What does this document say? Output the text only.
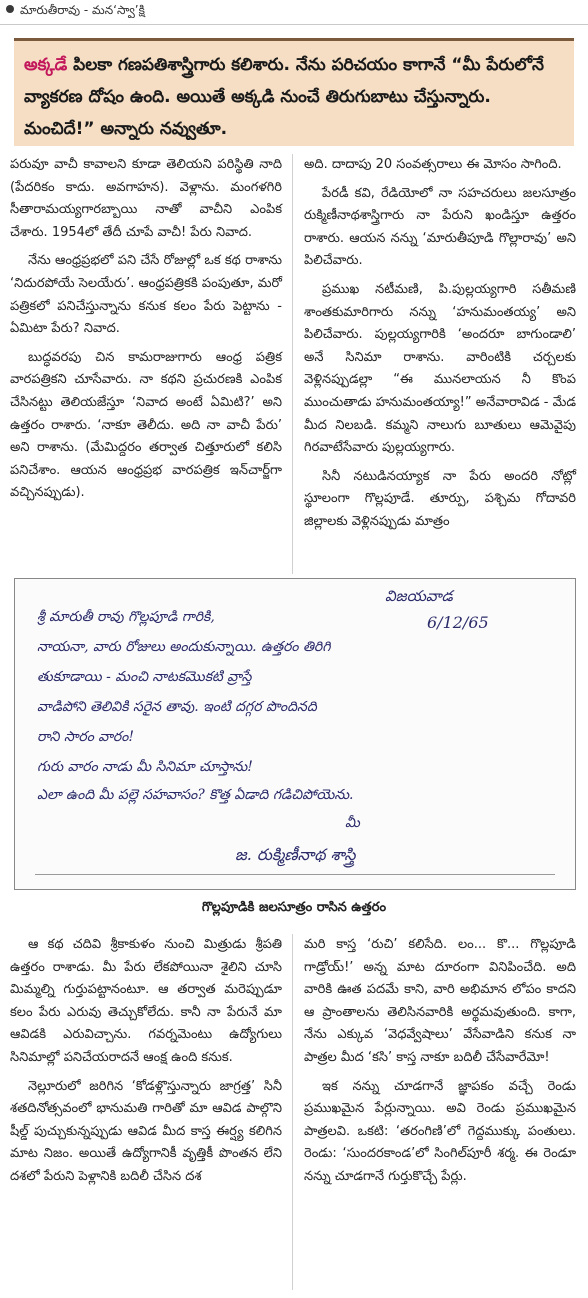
మారుతీరావు - మన‘స్వా’క్షి

అక్కడే పిలకా గణపతిశాస్త్రిగారు కలిశారు. నేను పరిచయం కాగానే “మీ పేరులోనే వ్యాకరణ దోషం ఉంది. అయితే అక్కడి నుంచే తిరుగుబాటు చేస్తున్నారు. మంచిదే!” అన్నారు నవ్వుతూ.

పరువూ వాచీ కావాలని కూడా తెలియని పరిస్థితి నాది (పేదరికం కాదు. అవగాహన). వెళ్లాను. మంగళగిరి సీతారామయ్యగారబ్బాయి నాతో వాచీని ఎంపిక చేశారు. 1954లో తేదీ చూపే వాచీ! పేరు నివాద.

నేను ఆంధ్రప్రభలో పని చేసే రోజుల్లో ఒక కథ రాశాను ‘నిదురపోయే సెలయేరు’. ఆంధ్రపత్రికకి పంపుతూ, మరో పత్రికలో పనిచేస్తున్నాను కనుక కలం పేరు పెట్టాను - ఏమిటా పేరు? నివాద.

బుద్ధవరపు చిన కామరాజుగారు ఆంధ్ర పత్రిక వారపత్రికని చూసేవారు. నా కథని ప్రచురణకి ఎంపిక చేసినట్టు తెలియజేస్తూ ‘నివాద అంటే ఏమిటి?’ అని ఉత్తరం రాశారు. ‘నాకూ తెలీదు. అది నా వాచీ పేరు’ అని రాశాను. (మేమిద్దరం తర్వాత చిత్తూరులో కలిసి పనిచేశాం. ఆయన ఆంధ్రప్రభ వారపత్రిక ఇన్‌చార్జ్‌గా వచ్చినప్పుడు).

అది. దాదాపు 20 సంవత్సరాలు ఈ మోసం సాగింది.

పేరడీ కవి, రేడియోలో నా సహచరులు జలసూత్రం రుక్మిణీనాథశాస్త్రిగారు నా పేరుని ఖండిస్తూ ఉత్తరం రాశారు. ఆయన నన్ను ‘మారుతీపూడి గొల్లారావు’ అని పిలిచేవారు.

ప్రముఖ నటీమణి, పి.పుల్లయ్యగారి సతీమణి శాంతకుమారిగారు నన్ను ‘హనుమంతయ్య’ అని పిలిచేవారు. పుల్లయ్యగారికి ‘అందరూ బాగుండాలి’ అనే సినిమా రాశాను. వారింటికి చర్చలకు వెళ్లినప్పుడల్లా “ఈ మునలాయన నీ కొంప ముంచుతాడు హనుమంతయ్యా!” అనేవారావిడ - మేడ మీద నిలబడి. కమ్మని నాలుగు బూతులు ఆమెవైపు గిరవాటేసేవారు పుల్లయ్యగారు.

సినీ నటుడినయ్యాక నా పేరు అందరి నోట్లో స్థూలంగా గొల్లపూడే. తూర్పు, పశ్చిమ గోదావరి జిల్లాలకు వెళ్లినప్పుడు మాత్రం

విజయవాడ
6/12/65
శ్రీ మారుతీ రావు గొల్లపూడి గారికి,
నాయనా, వారు రోజులు అందుకున్నాయి. ఉత్తరం తిరిగి
తుకూడాయి - మంచి నాటకమొకటి వ్రాస్తే
వాడిపోని తెలివికి సరైన తావు. ఇంటి దగ్గర పొందినది
రాని సారం వారం!
గురు వారం నాడు మీ సినిమా చూస్తాను!
ఎలా ఉంది మీ పల్లె సహవాసం? కొత్త ఏడాది గడిచిపోయెను.
మీ
జ. రుక్మిణీనాథ శాస్త్రి
గొల్లపూడికి జలసూత్రం రాసిన ఉత్తరం

ఆ కథ చదివి శ్రీకాకుళం నుంచి మిత్రుడు శ్రీపతి ఉత్తరం రాశాడు. మీ పేరు లేకపోయినా శైలిని చూసి మిమ్మల్ని గుర్తుపట్టానంటూ. ఆ తర్వాత మరెప్పుడూ కలం పేరు ఎరువు తెచ్చుకోలేదు. కానీ నా పేరునే మా ఆవిడకి ఎరువిచ్చాను. గవర్నమెంటు ఉద్యోగులు సినిమాల్లో పనిచేయరాదనే ఆంక్ష ఉంది కనుక.

నెల్లూరులో జరిగిన ‘కోడళ్లొస్తున్నారు జాగ్రత్త’ సినీ శతదినోత్సవంలో భానుమతి గారితో మా ఆవిడ పాల్గొని షీల్డ్ పుచ్చుకున్నప్పుడు ఆవిడ మీద కాస్త ఈర్ష్య కలిగిన మాట నిజం. అయితే ఉద్యోగానికీ వృత్తికీ పొంతన లేని దశలో పేరుని పెళ్లానికి బదిలీ చేసిన దశ

మరి కాస్త ‘రుచి’ కలిసేది. లం... కొ... గొల్లపూడి గాడ్రోయ్!’ అన్న మాట దూరంగా వినిపించేది. అది వారికి ఊత పదమే కాని, వారి అభిమాన లోపం కాదని ఆ ప్రాంతాలను తెలిసినవారికి అర్థమవుతుంది. కాగా, నేను ఎక్కువ ‘వెధవ్వేషాలు’ వేసేవాడిని కనుక నా పాత్రల మీద ‘కసి’ కాస్త నాకూ బదిలీ చేసేవారేమో!

ఇక నన్ను చూడగానే జ్ఞాపకం వచ్చే రెండు ప్రముఖమైన పేర్లున్నాయి. అవి రెండు ప్రముఖమైన పాత్రలవి. ఒకటి: ‘తరంగిణి’లో గెద్దముక్కు పంతులు. రెండు: ‘సుందరకాండ’లో సింగిల్‌పూరీ శర్మ. ఈ రెండూ నన్ను చూడగానే గుర్తుకొచ్చే పేర్లు.
